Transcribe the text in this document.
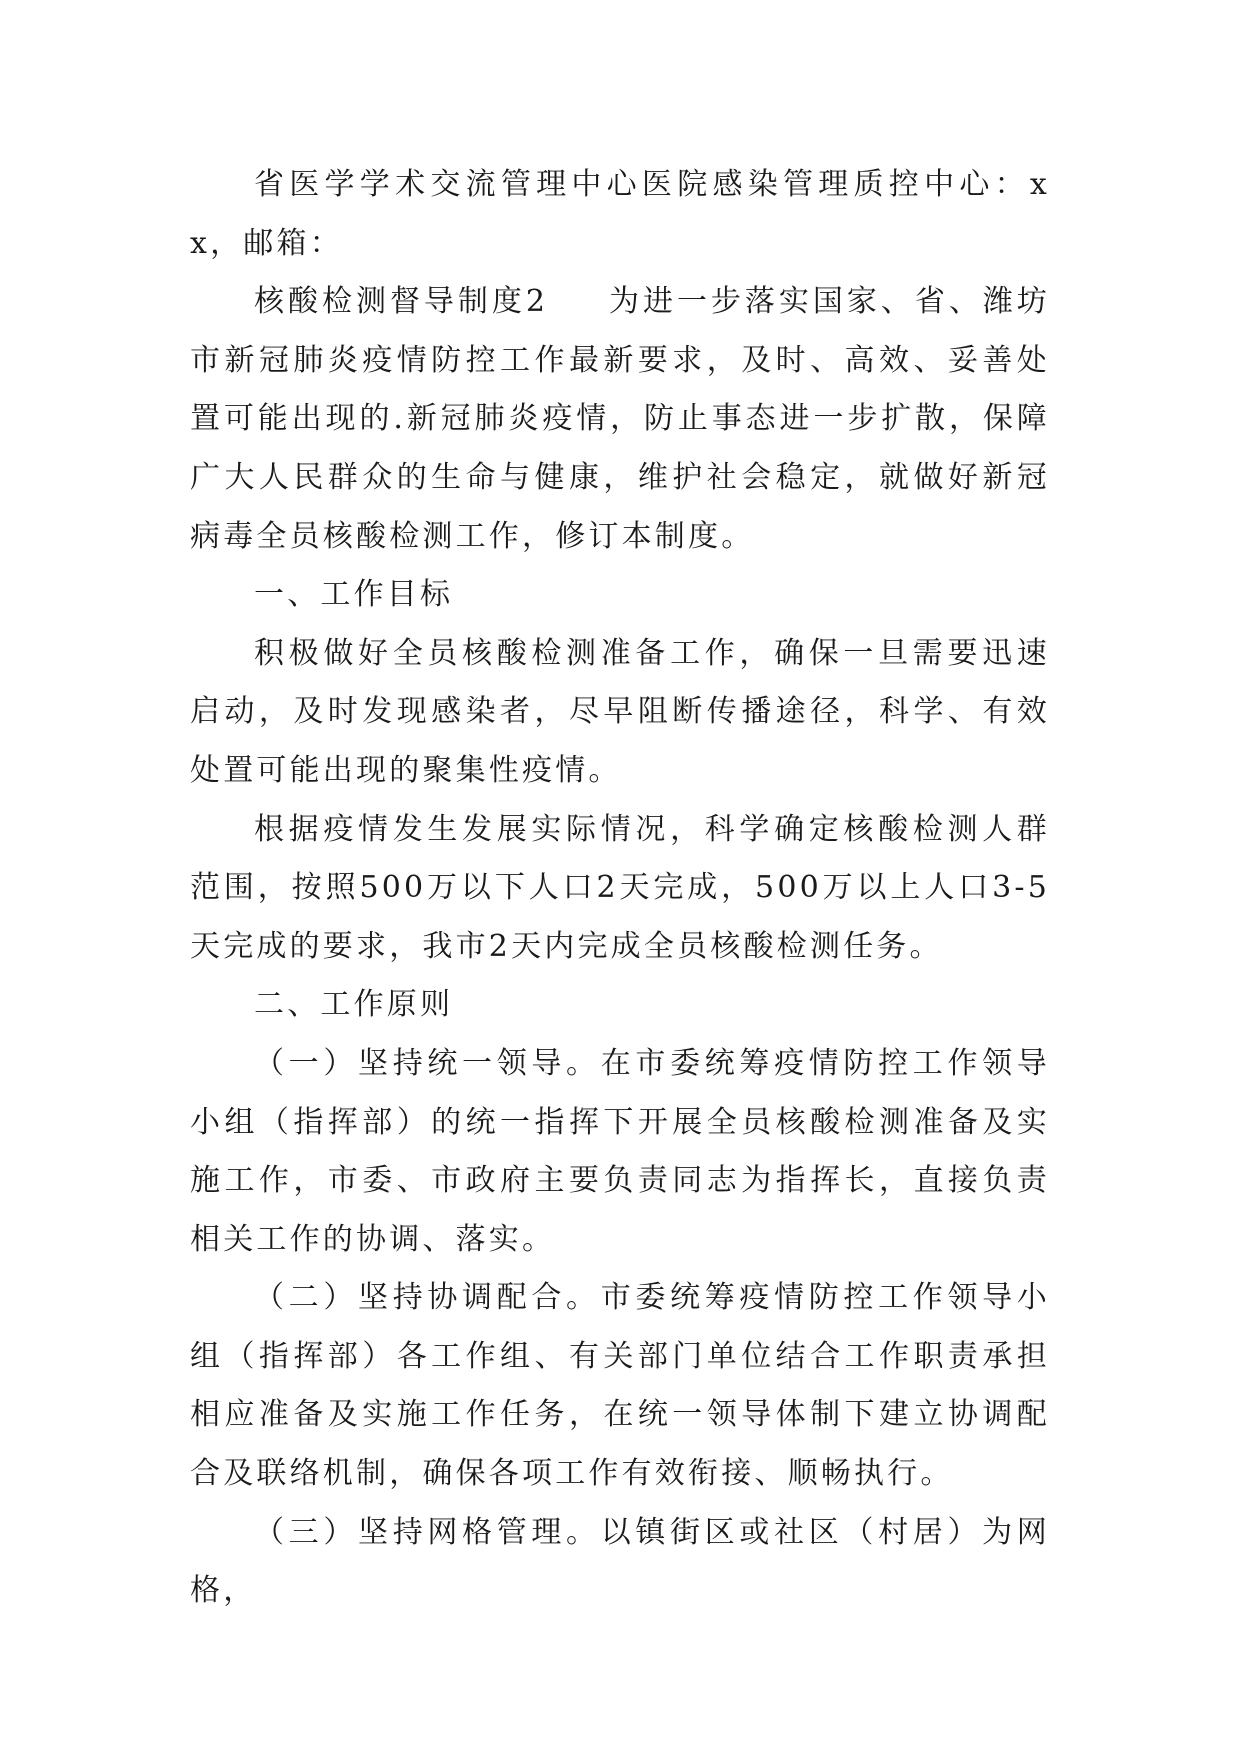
省医学学术交流管理中心医院感染管理质控中心：xx，邮箱：

核酸检测督导制度2 为进一步落实国家、省、潍坊市新冠肺炎疫情防控工作最新要求，及时、高效、妥善处置可能出现的.新冠肺炎疫情，防止事态进一步扩散，保障广大人民群众的生命与健康，维护社会稳定，就做好新冠病毒全员核酸检测工作，修订本制度。

一、工作目标

积极做好全员核酸检测准备工作，确保一旦需要迅速启动，及时发现感染者，尽早阻断传播途径，科学、有效处置可能出现的聚集性疫情。

根据疫情发生发展实际情况，科学确定核酸检测人群范围，按照500万以下人口2天完成，500万以上人口3-5天完成的要求，我市2天内完成全员核酸检测任务。

二、工作原则

（一）坚持统一领导。在市委统筹疫情防控工作领导小组（指挥部）的统一指挥下开展全员核酸检测准备及实施工作，市委、市政府主要负责同志为指挥长，直接负责相关工作的协调、落实。

（二）坚持协调配合。市委统筹疫情防控工作领导小组（指挥部）各工作组、有关部门单位结合工作职责承担相应准备及实施工作任务，在统一领导体制下建立协调配合及联络机制，确保各项工作有效衔接、顺畅执行。

（三）坚持网格管理。以镇街区或社区（村居）为网格，
